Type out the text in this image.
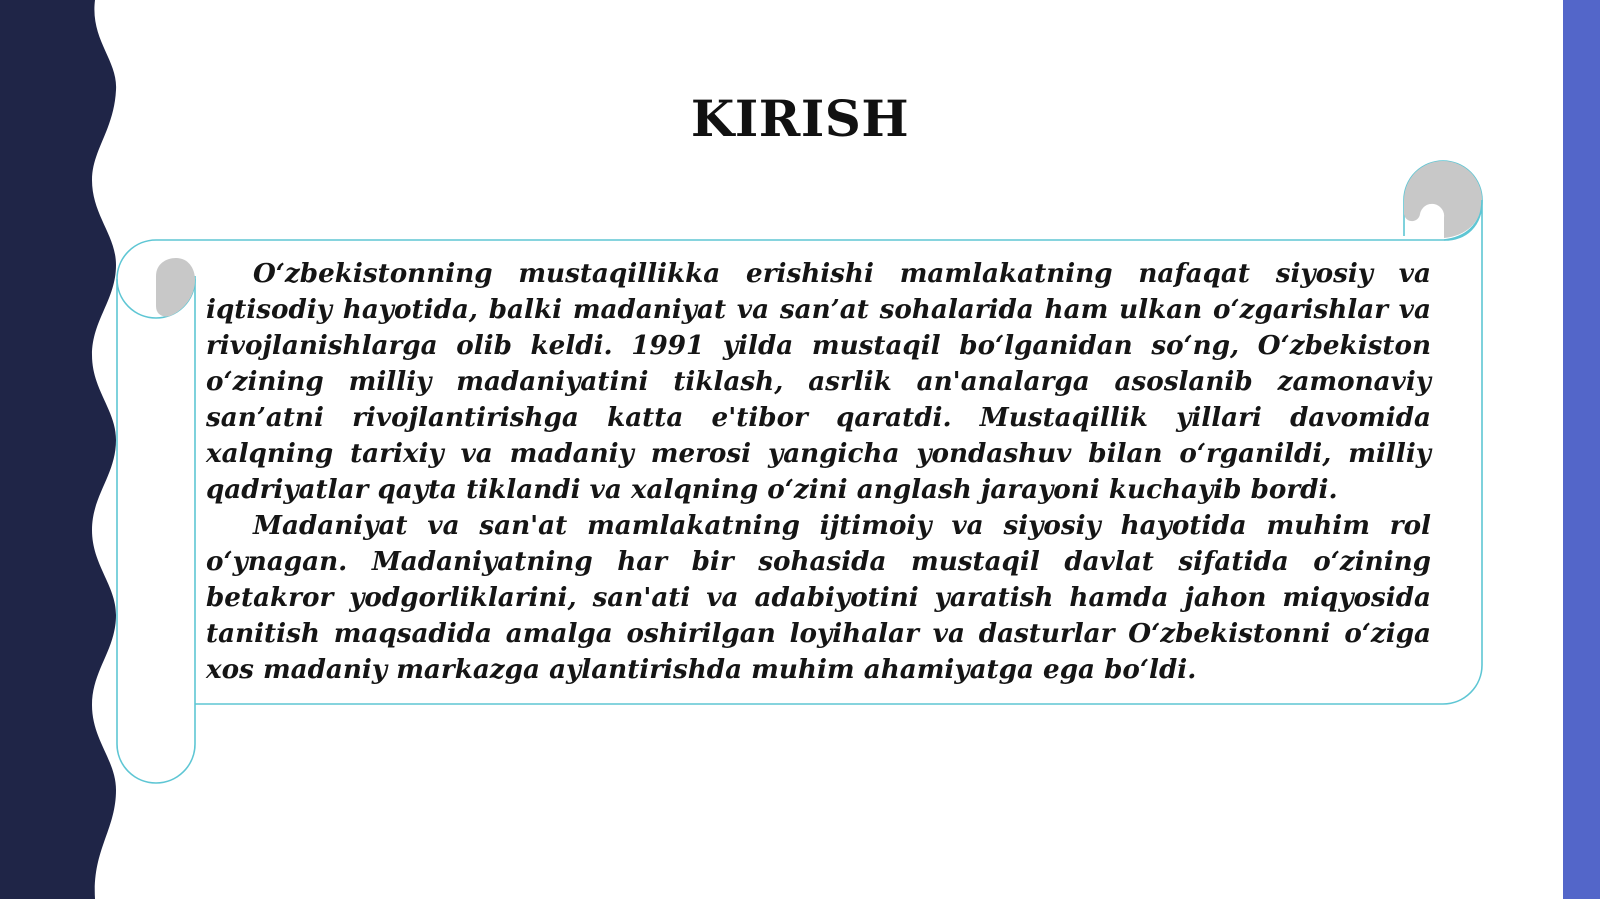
KIRISH

O‘zbekistonning mustaqillikka erishishi mamlakatning nafaqat siyosiy va iqtisodiy hayotida, balki madaniyat va san’at sohalarida ham ulkan o‘zgarishlar va rivojlanishlarga olib keldi. 1991 yilda mustaqil bo‘lganidan so‘ng, O‘zbekiston o‘zining milliy madaniyatini tiklash, asrlik an'analarga asoslanib zamonaviy san’atni rivojlantirishga katta e'tibor qaratdi. Mustaqillik yillari davomida xalqning tarixiy va madaniy merosi yangicha yondashuv bilan o‘rganildi, milliy qadriyatlar qayta tiklandi va xalqning o‘zini anglash jarayoni kuchayib bordi.

Madaniyat va san'at mamlakatning ijtimoiy va siyosiy hayotida muhim rol o‘ynagan. Madaniyatning har bir sohasida mustaqil davlat sifatida o‘zining betakror yodgorliklarini, san'ati va adabiyotini yaratish hamda jahon miqyosida tanitish maqsadida amalga oshirilgan loyihalar va dasturlar O‘zbekistonni o‘ziga xos madaniy markazga aylantirishda muhim ahamiyatga ega bo‘ldi.
